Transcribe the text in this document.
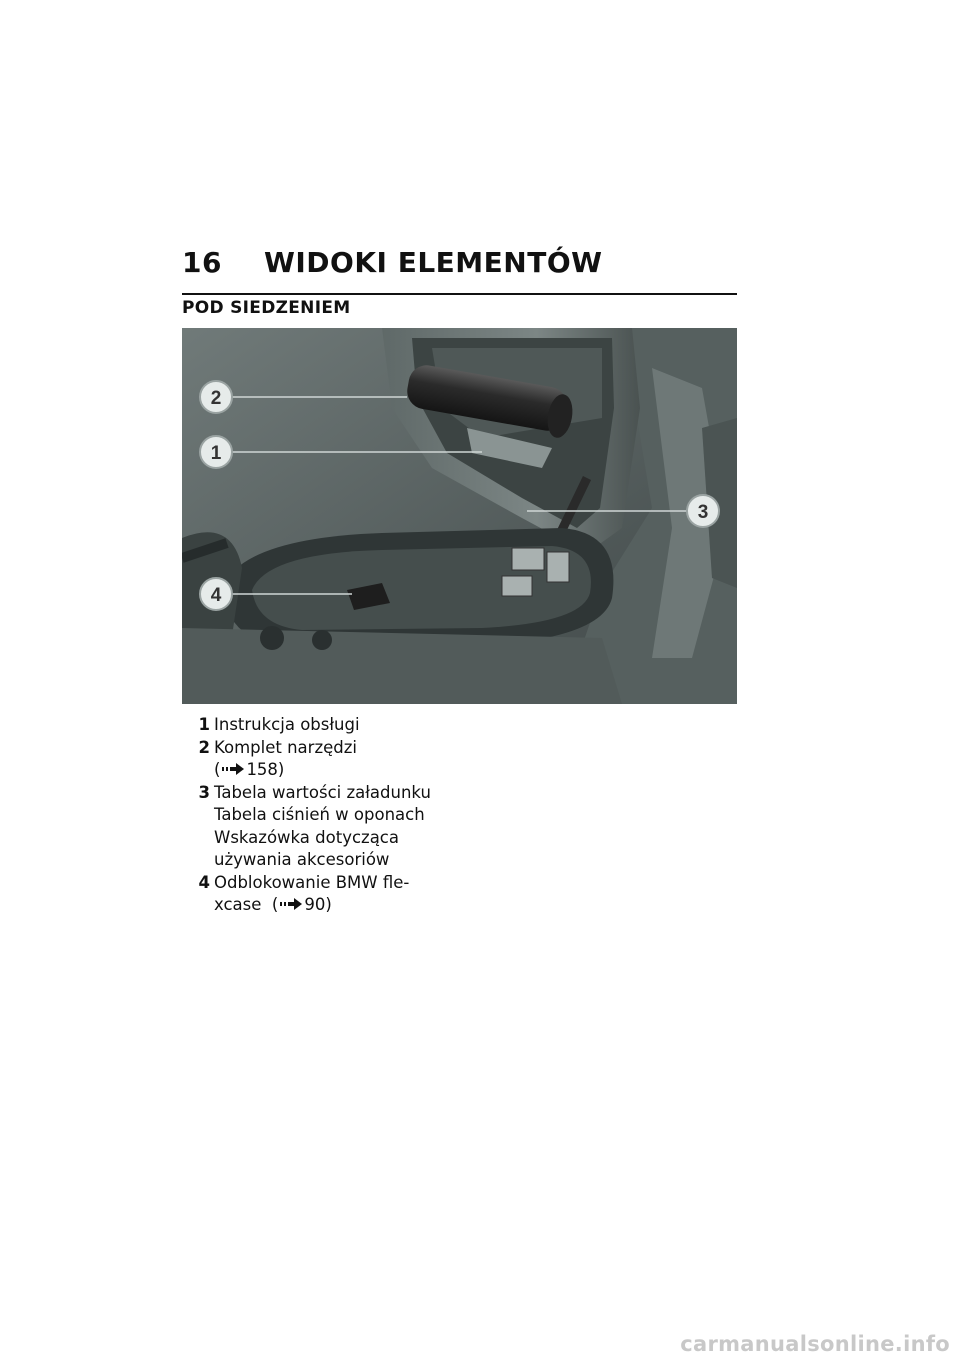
16	WIDOKI ELEMENTÓW
POD SIEDZENIEM
2
1
3
4
1 Instrukcja obsługi
2 Komplet narzędzi
( 158)
3 Tabela wartości załadunku
Tabela ciśnień w oponach
Wskazówka dotycząca
używania akcesoriów
4 Odblokowanie BMW fle-
xcase
( 90)
carmanualsonline.info
